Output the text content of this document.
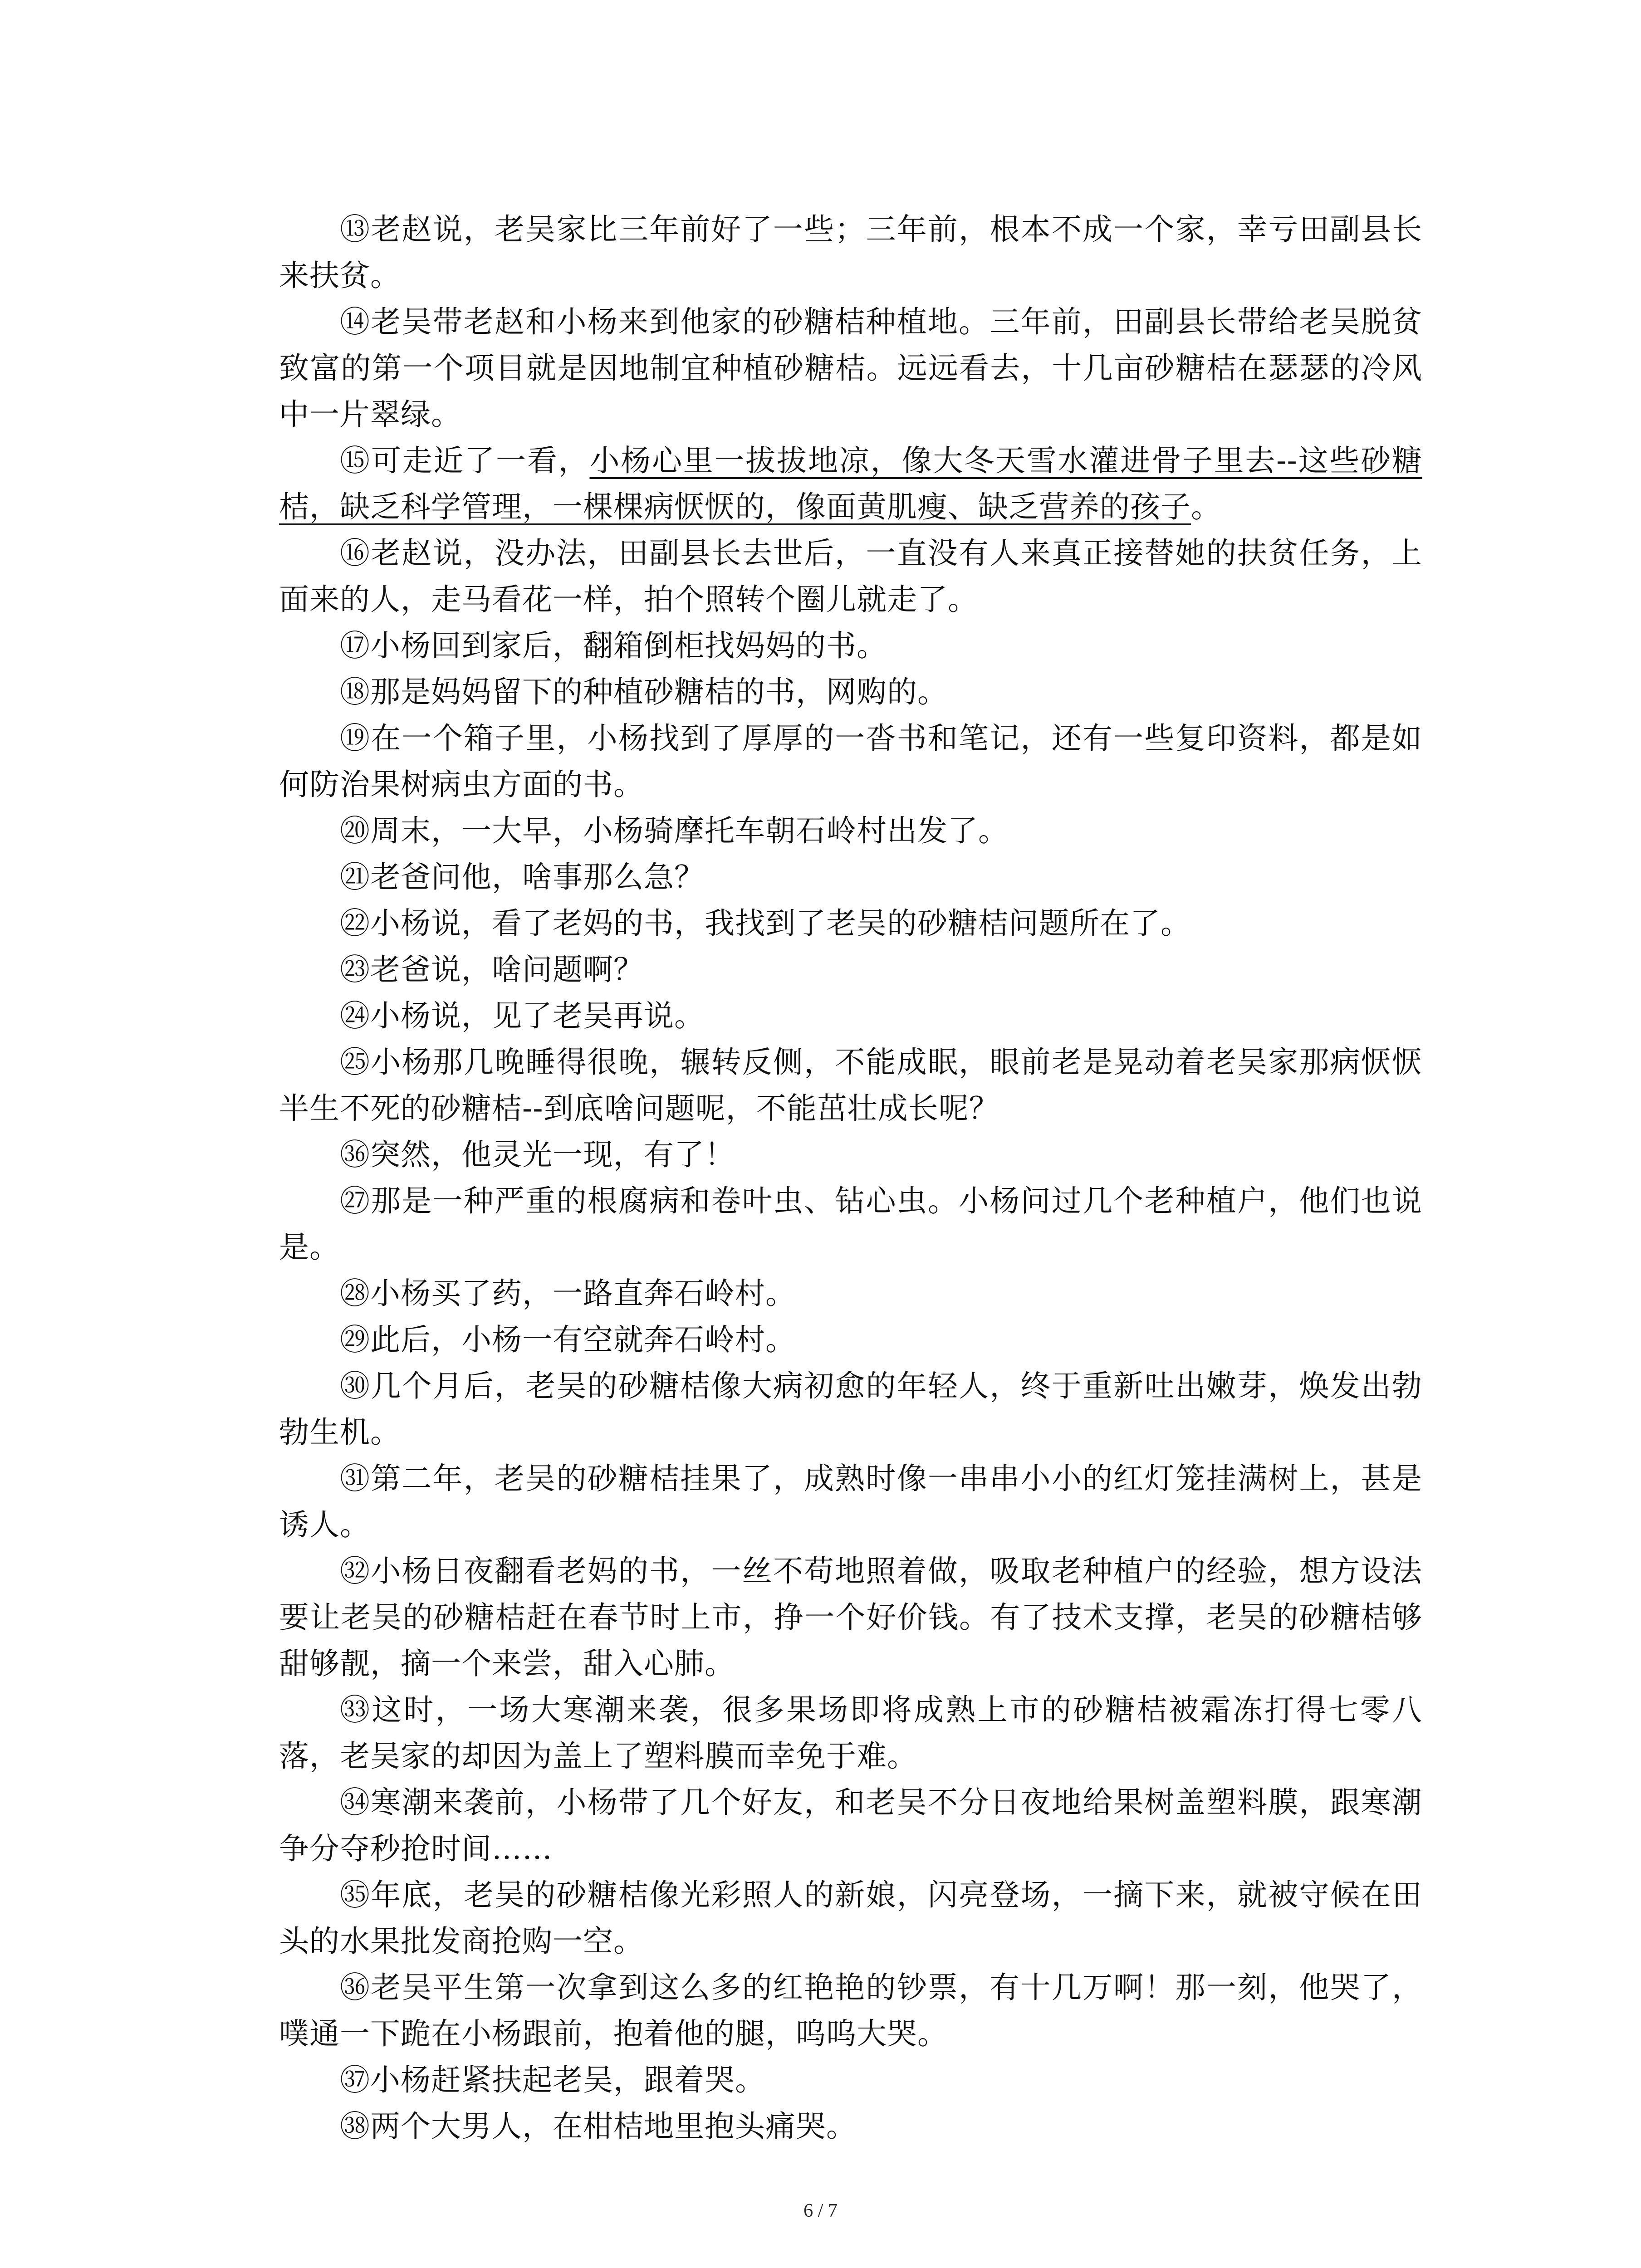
⑬老赵说，老吴家比三年前好了一些；三年前，根本不成一个家，幸亏田副县长来扶贫。

⑭老吴带老赵和小杨来到他家的砂糖桔种植地。三年前，田副县长带给老吴脱贫致富的第一个项目就是因地制宜种植砂糖桔。远远看去，十几亩砂糖桔在瑟瑟的冷风中一片翠绿。

⑮可走近了一看，小杨心里一拔拔地凉，像大冬天雪水灌进骨子里去--这些砂糖桔，缺乏科学管理，一棵棵病恹恹的，像面黄肌瘦、缺乏营养的孩子。

⑯老赵说，没办法，田副县长去世后，一直没有人来真正接替她的扶贫任务，上面来的人，走马看花一样，拍个照转个圈儿就走了。

⑰小杨回到家后，翻箱倒柜找妈妈的书。

⑱那是妈妈留下的种植砂糖桔的书，网购的。

⑲在一个箱子里，小杨找到了厚厚的一沓书和笔记，还有一些复印资料，都是如何防治果树病虫方面的书。

⑳周末，一大早，小杨骑摩托车朝石岭村出发了。

㉑老爸问他，啥事那么急？

㉒小杨说，看了老妈的书，我找到了老吴的砂糖桔问题所在了。

㉓老爸说，啥问题啊？

㉔小杨说，见了老吴再说。

㉕小杨那几晚睡得很晚，辗转反侧，不能成眠，眼前老是晃动着老吴家那病恹恹半生不死的砂糖桔--到底啥问题呢，不能茁壮成长呢？

㊱突然，他灵光一现，有了！

㉗那是一种严重的根腐病和卷叶虫、钻心虫。小杨问过几个老种植户，他们也说是。

㉘小杨买了药，一路直奔石岭村。

㉙此后，小杨一有空就奔石岭村。

㉚几个月后，老吴的砂糖桔像大病初愈的年轻人，终于重新吐出嫩芽，焕发出勃勃生机。

㉛第二年，老吴的砂糖桔挂果了，成熟时像一串串小小的红灯笼挂满树上，甚是诱人。

㉜小杨日夜翻看老妈的书，一丝不苟地照着做，吸取老种植户的经验，想方设法要让老吴的砂糖桔赶在春节时上市，挣一个好价钱。有了技术支撑，老吴的砂糖桔够甜够靓，摘一个来尝，甜入心肺。

㉝这时，一场大寒潮来袭，很多果场即将成熟上市的砂糖桔被霜冻打得七零八落，老吴家的却因为盖上了塑料膜而幸免于难。

㉞寒潮来袭前，小杨带了几个好友，和老吴不分日夜地给果树盖塑料膜，跟寒潮争分夺秒抢时间……

㉟年底，老吴的砂糖桔像光彩照人的新娘，闪亮登场，一摘下来，就被守候在田头的水果批发商抢购一空。

㊱老吴平生第一次拿到这么多的红艳艳的钞票，有十几万啊！那一刻，他哭了，噗通一下跪在小杨跟前，抱着他的腿，呜呜大哭。

㊲小杨赶紧扶起老吴，跟着哭。

㊳两个大男人，在柑桔地里抱头痛哭。

6 / 7
